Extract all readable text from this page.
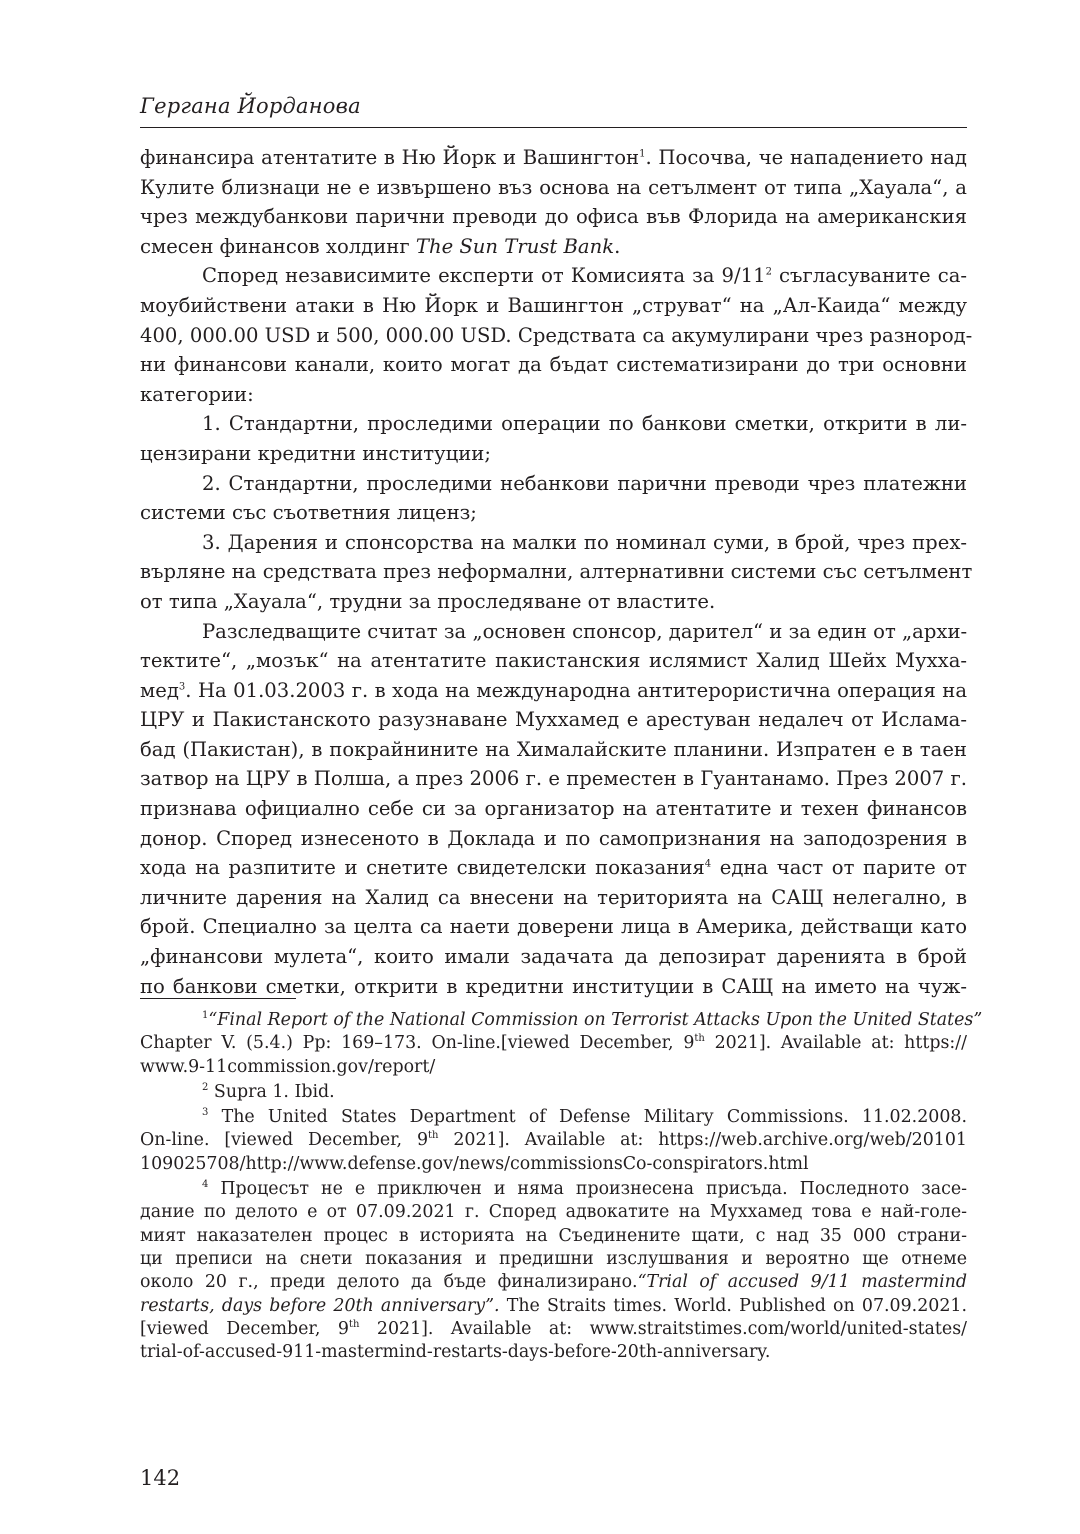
Гергана Йорданова
финансира атентатите в Ню Йорк и Вашингтон$^1$. Посочва, че нападението над
Кулите близнаци не е извършено въз основа на сетълмент от типа „Хауала“, а
чрез междубанкови парични преводи до офиса във Флорида на американския
смесен финансов холдинг The Sun Trust Bank.
Според независимите експерти от Комисията за $9/11^2$ съгласуваните са-
моубийствени атаки в Ню Йорк и Вашингтон „струват“ на „Ал-Каида“ между
400, 000.00 USD и 500, 000.00 USD. Средствата са акумулирани чрез разнород-
ни финансови канали, които могат да бъдат систематизирани до три основни
категории:
1. Стандартни, проследими операции по банкови сметки, открити в ли-
цензирани кредитни институции;
2. Стандартни, проследими небанкови парични преводи чрез платежни
системи със съответния лиценз;
3. Дарения и спонсорства на малки по номинал суми, в брой, чрез прех-
върляне на средствата през неформални, алтернативни системи със сетълмент
от типа „Хауала“, трудни за проследяване от властите.
Разследващите считат за „основен спонсор, дарител“ и за един от „архи-
тектите“, „мозък“ на атентатите пакистанския ислямист Халид Шейх Мухха-
мед$^3$. На 01.03.2003 г. в хода на международна антитерористична операция на
ЦРУ и Пакистанското разузнаване Мухxамед е арестуван недалеч от Ислама-
бад (Пакистан), в покрайнините на Хималайските планини. Изпратен е в таен
затвор на ЦРУ в Полша, а през 2006 г. е преместен в Гуантанамо. През 2007 г.
признава официално себе си за организатор на атентатите и техен финансов
донор. Според изнесеното в Доклада и по самопризнания на заподозрения в
хода на разпитите и снетите свидетелски показания$^4$ една част от парите от
личните дарения на Халид са внесени на територията на САЩ нелегално, в
брой. Специално за целта са наети доверени лица в Америка, действащи като
„финансови мулета“, които имали задачата да депозират даренията в брой
по банкови сметки, открити в кредитни институции в САЩ на името на чуж-
$^1$“Final Report of the National Commission on Terrorist Attacks Upon the United States”
Chapter V. (5.4.) Pp: 169–173. On-line.[viewed December, 9th 2021]. Available at: https://
www.9-11commission.gov/report/
$^2$ Supra 1. Ibid.
$^3$ The United States Department of Defense Military Commissions. 11.02.2008.
On-line. [viewed December, 9th 2021]. Available at: https://web.archive.org/web/20101
109025708/http://www.defense.gov/news/commissionsCo-conspirators.html
$^4$ Процесът не е приключен и няма произнесена присъда. Последното засе-
дание по делото е от 07.09.2021 г. Според адвокатите на Мухxамед това е най-голе-
мият наказателен процес в историята на Съединените щати, с над 35 000 страни-
ци преписи на снети показания и предишни изслушвания и вероятно ще отнеме
около 20 г., преди делото да бъде финализирано.“Trial of accused 9/11 mastermind
restarts, days before 20th anniversary”. The Straits times. World. Published on 07.09.2021.
[viewed December, 9th 2021]. Available at: www.straitstimes.com/world/united-states/
trial-of-accused-911-mastermind-restarts-days-before-20th-anniversary.
142
